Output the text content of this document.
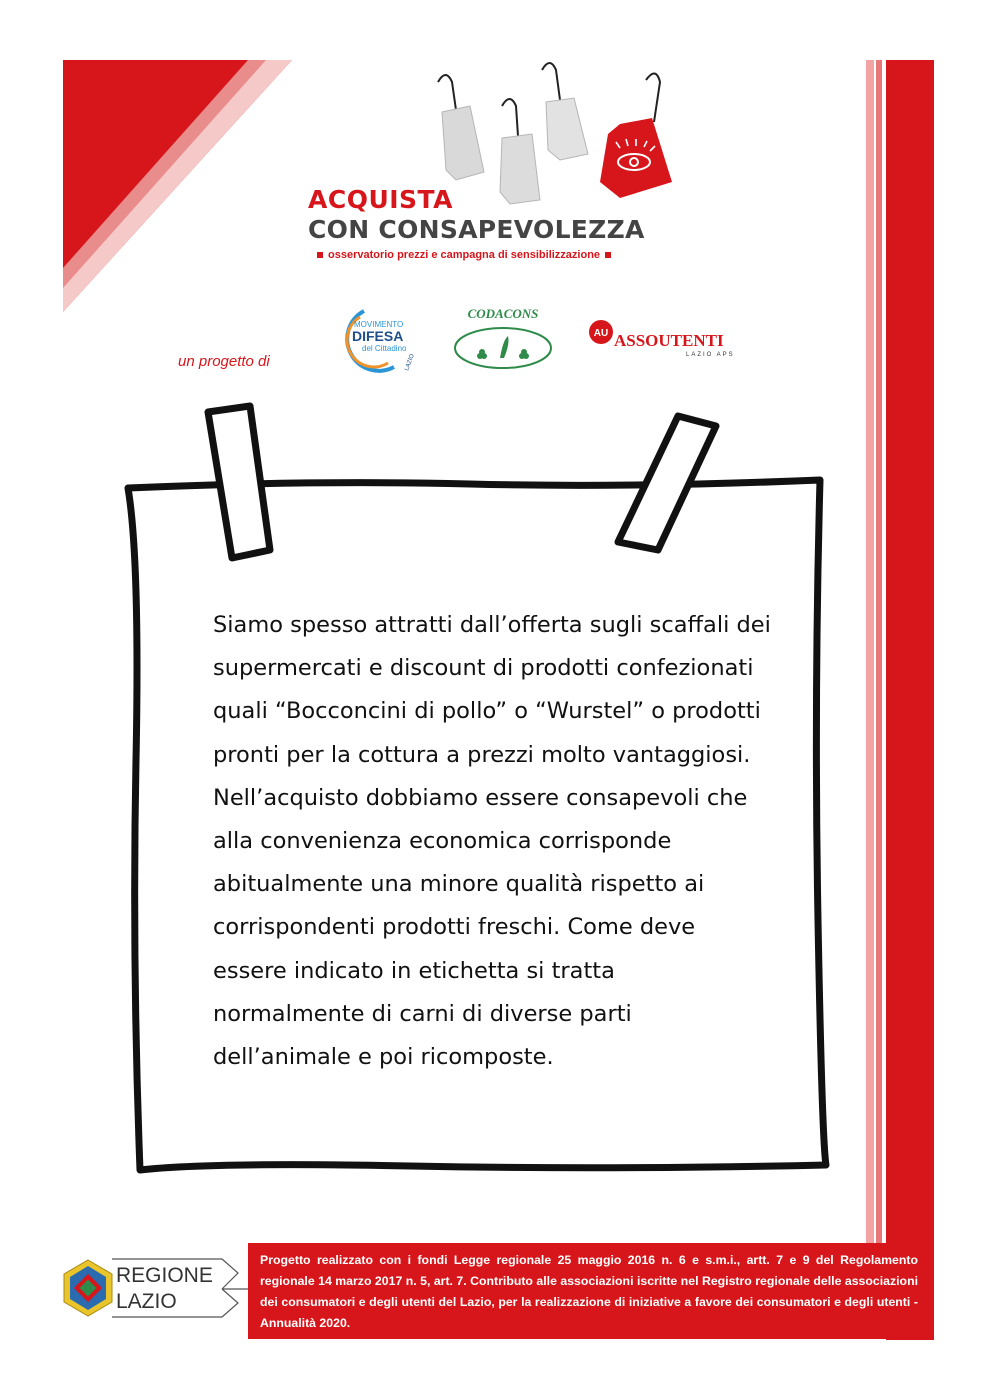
ACQUISTA
CON CONSAPEVOLEZZA
osservatorio prezzi e campagna di sensibilizzazione
un progetto di
MOVIMENTO
DIFESA
del Cittadino
LAZIO
CODACONS
AU ASSOUTENTI
LAZIO APS

Siamo spesso attratti dall’offerta sugli scaffali dei supermercati e discount di prodotti confezionati quali “Bocconcini di pollo” o “Wurstel” o prodotti pronti per la cottura a prezzi molto vantaggiosi. Nell’acquisto dobbiamo essere consapevoli che alla convenienza economica corrisponde abitualmente una minore qualità rispetto ai corrispondenti prodotti freschi. Come deve essere indicato in etichetta si tratta normalmente di carni di diverse parti dell’animale e poi ricomposte.

REGIONE
LAZIO

Progetto realizzato con i fondi Legge regionale 25 maggio 2016 n. 6 e s.m.i., artt. 7 e 9 del Regolamento regionale 14 marzo 2017 n. 5, art. 7. Contributo alle associazioni iscritte nel Registro regionale delle associazioni dei consumatori e degli utenti del Lazio, per la realizzazione di iniziative a favore dei consumatori e degli utenti - Annualità 2020.
